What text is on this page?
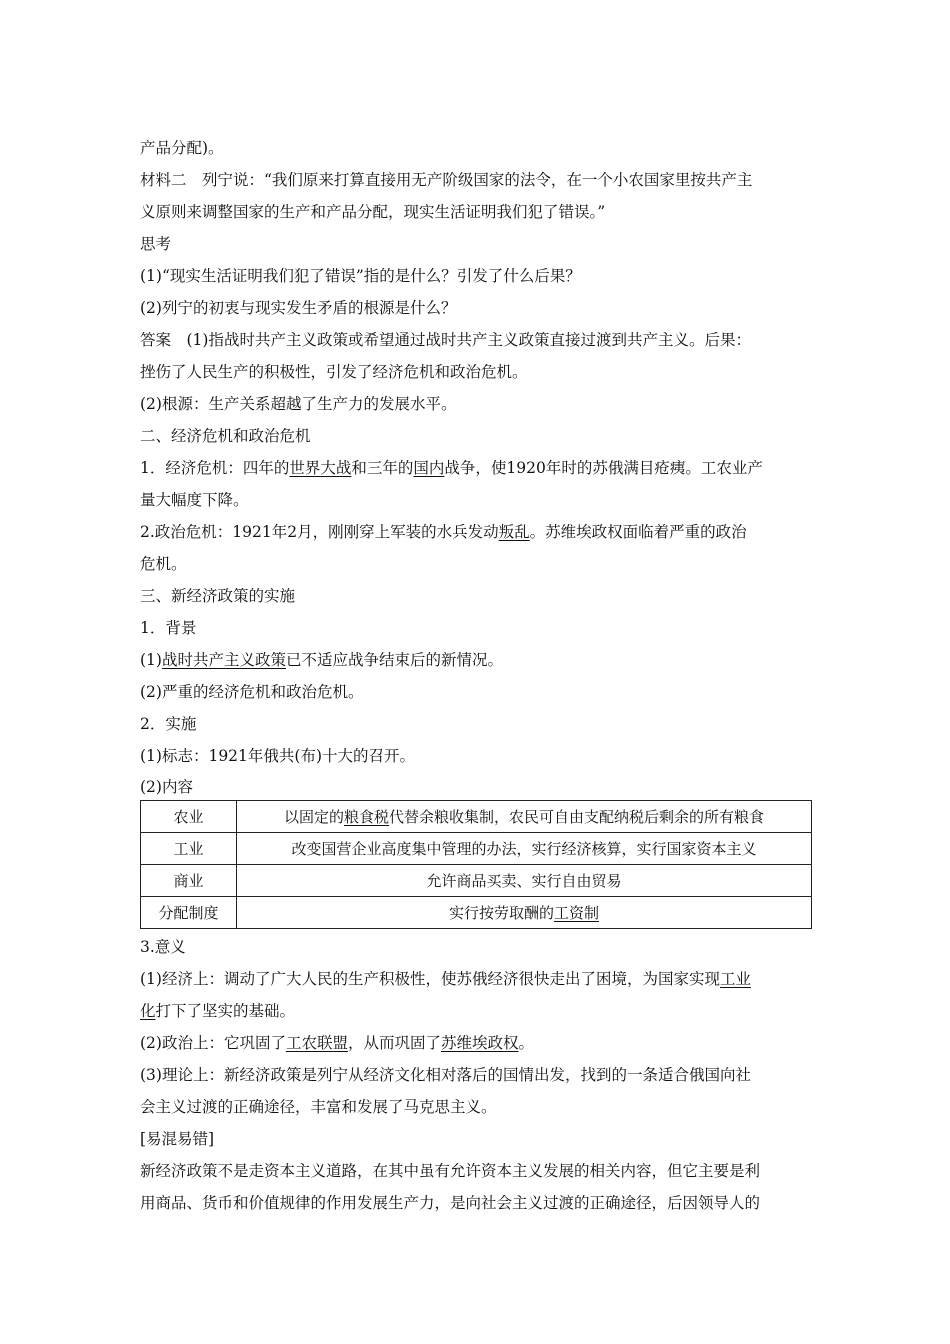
产品分配)。
材料二　列宁说：“我们原来打算直接用无产阶级国家的法令，在一个小农国家里按共产主
义原则来调整国家的生产和产品分配，现实生活证明我们犯了错误。”
思考
(1)“现实生活证明我们犯了错误”指的是什么？引发了什么后果？
(2)列宁的初衷与现实发生矛盾的根源是什么？
答案　(1)指战时共产主义政策或希望通过战时共产主义政策直接过渡到共产主义。后果：
挫伤了人民生产的积极性，引发了经济危机和政治危机。
(2)根源：生产关系超越了生产力的发展水平。
二、经济危机和政治危机
1．经济危机：四年的世界大战和三年的国内战争，使1920年时的苏俄满目疮痍。工农业产
量大幅度下降。
2.政治危机：1921年2月，刚刚穿上军装的水兵发动叛乱。苏维埃政权面临着严重的政治
危机。
三、新经济政策的实施
1．背景
(1)战时共产主义政策已不适应战争结束后的新情况。
(2)严重的经济危机和政治危机。
2．实施
(1)标志：1921年俄共(布)十大的召开。
(2)内容
农业	以固定的粮食税代替余粮收集制，农民可自由支配纳税后剩余的所有粮食
工业	改变国营企业高度集中管理的办法，实行经济核算，实行国家资本主义
商业	允许商品买卖、实行自由贸易
分配制度	实行按劳取酬的工资制
3.意义
(1)经济上：调动了广大人民的生产积极性，使苏俄经济很快走出了困境，为国家实现工业
化打下了坚实的基础。
(2)政治上：它巩固了工农联盟，从而巩固了苏维埃政权。
(3)理论上：新经济政策是列宁从经济文化相对落后的国情出发，找到的一条适合俄国向社
会主义过渡的正确途径，丰富和发展了马克思主义。
[易混易错]
新经济政策不是走资本主义道路，在其中虽有允许资本主义发展的相关内容，但它主要是利
用商品、货币和价值规律的作用发展生产力，是向社会主义过渡的正确途径，后因领导人的
